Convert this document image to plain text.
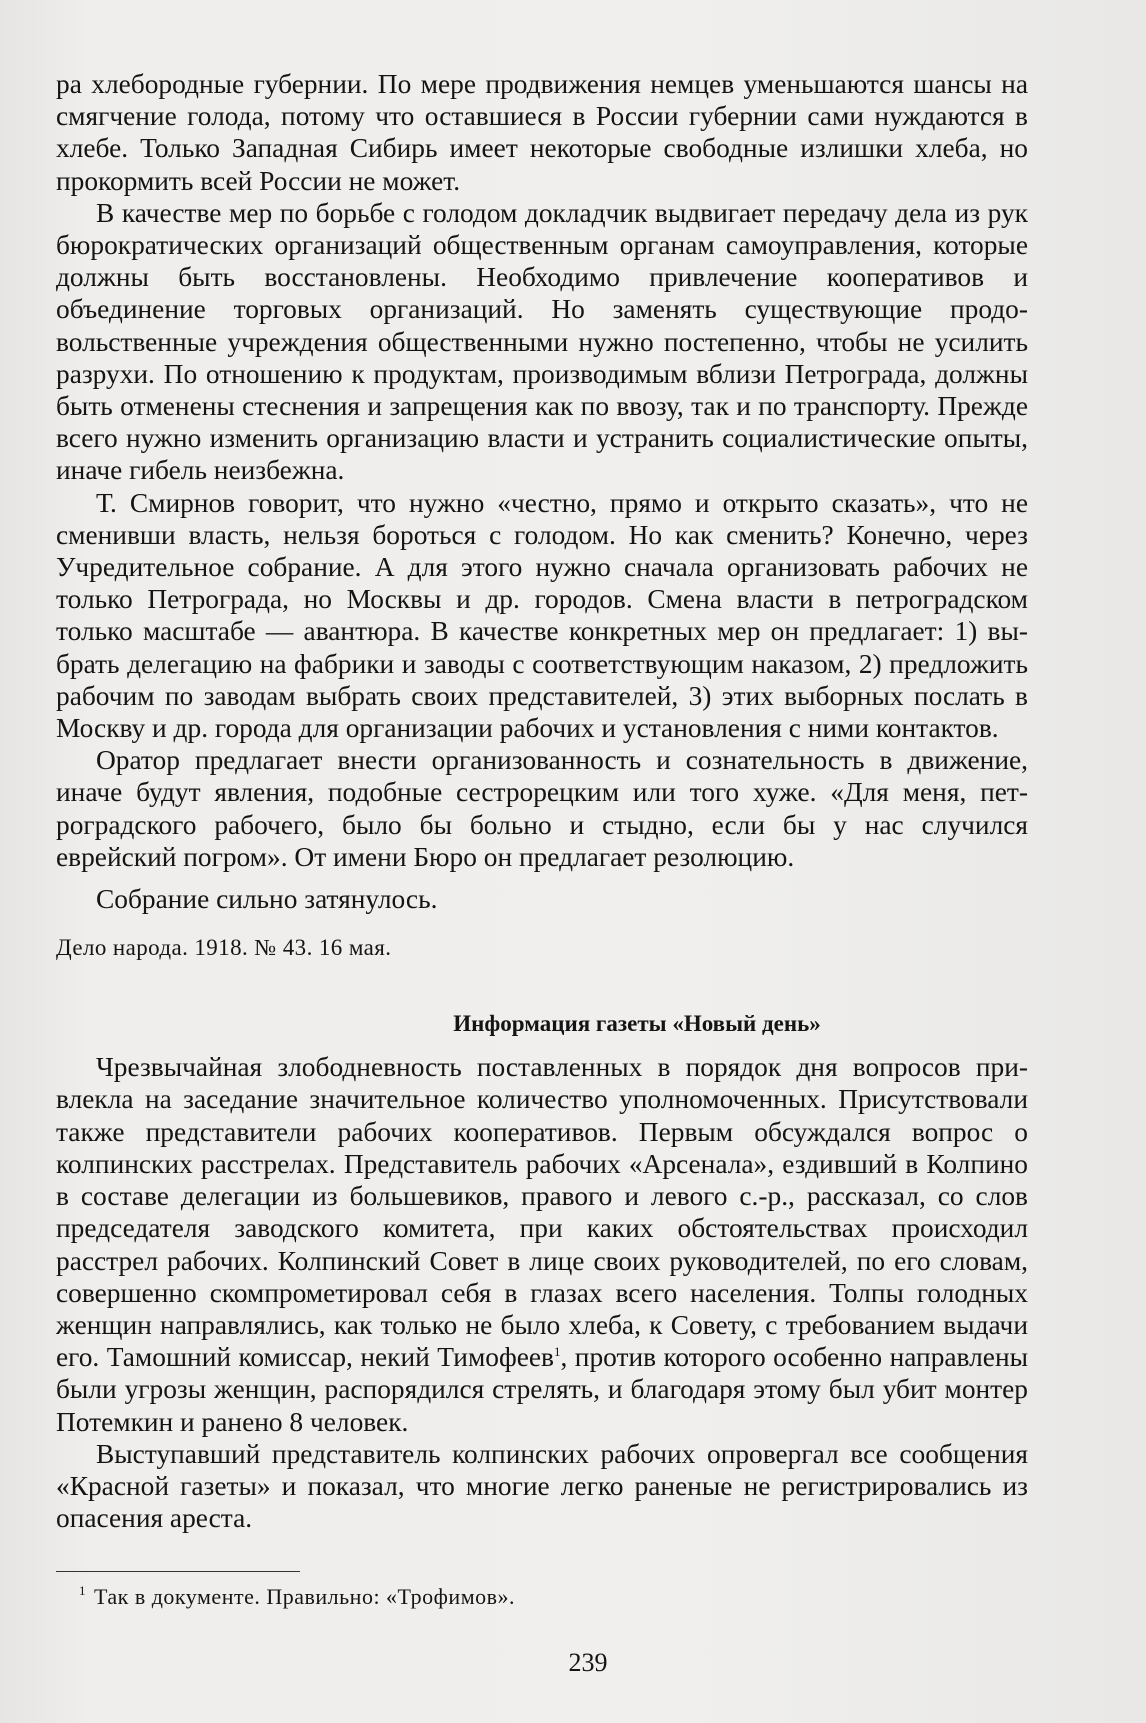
ра хлебородные губернии. По мере продвижения немцев уменьшаются шансы на смягчение голода, потому что оставшиеся в России губернии сами нуждаются в хлебе. Только Западная Сибирь имеет некоторые свободные излишки хлеба, но прокормить всей России не может.

В качестве мер по борьбе с голодом докладчик выдвигает передачу дела из рук бюрократических организаций общественным органам самоуправления, которые должны быть восстановлены. Необходимо привлечение кооперативов и объединение торговых организаций. Но заменять существующие продовольственные учреждения общественными нужно постепенно, чтобы не усилить разрухи. По отношению к продуктам, производимым вблизи Петрограда, должны быть отменены стеснения и запрещения как по ввозу, так и по транспорту. Прежде всего нужно изменить организацию власти и устранить социалистические опыты, иначе гибель неизбежна.

Т. Смирнов говорит, что нужно «честно, прямо и открыто сказать», что не сменивши власть, нельзя бороться с голодом. Но как сменить? Конечно, через Учредительное собрание. А для этого нужно сначала организовать рабочих не только Петрограда, но Москвы и др. городов. Смена власти в петроградском только масштабе — авантюра. В качестве конкретных мер он предлагает: 1) выбрать делегацию на фабрики и заводы с соответствующим наказом, 2) предложить рабочим по заводам выбрать своих представителей, 3) этих выборных послать в Москву и др. города для организации рабочих и установления с ними контактов.

Оратор предлагает внести организованность и сознательность в движение, иначе будут явления, подобные сестрорецким или того хуже. «Для меня, петроградского рабочего, было бы больно и стыдно, если бы у нас случился еврейский погром». От имени Бюро он предлагает резолюцию.

Собрание сильно затянулось.

Дело народа. 1918. № 43. 16 мая.
Информация газеты «Новый день»

Чрезвычайная злободневность поставленных в порядок дня вопросов привлекла на заседание значительное количество уполномоченных. Присутствовали также представители рабочих кооперативов. Первым обсуждался вопрос о колпинских расстрелах. Представитель рабочих «Арсенала», ездивший в Колпино в составе делегации из большевиков, правого и левого с.-р., рассказал, со слов председателя заводского комитета, при каких обстоятельствах происходил расстрел рабочих. Колпинский Совет в лице своих руководителей, по его словам, совершенно скомпрометировал себя в глазах всего населения. Толпы голодных женщин направлялись, как только не было хлеба, к Совету, с требованием выдачи его. Тамошний комиссар, некий Тимофеев$^1$, против которого особенно направлены были угрозы женщин, распорядился стрелять, и благодаря этому был убит монтер Потемкин и ранено 8 человек.

Выступавший представитель колпинских рабочих опровергал все сообщения «Красной газеты» и показал, что многие легко раненые не регистрировались из опасения ареста.

1 Так в документе. Правильно: «Трофимов».
239
